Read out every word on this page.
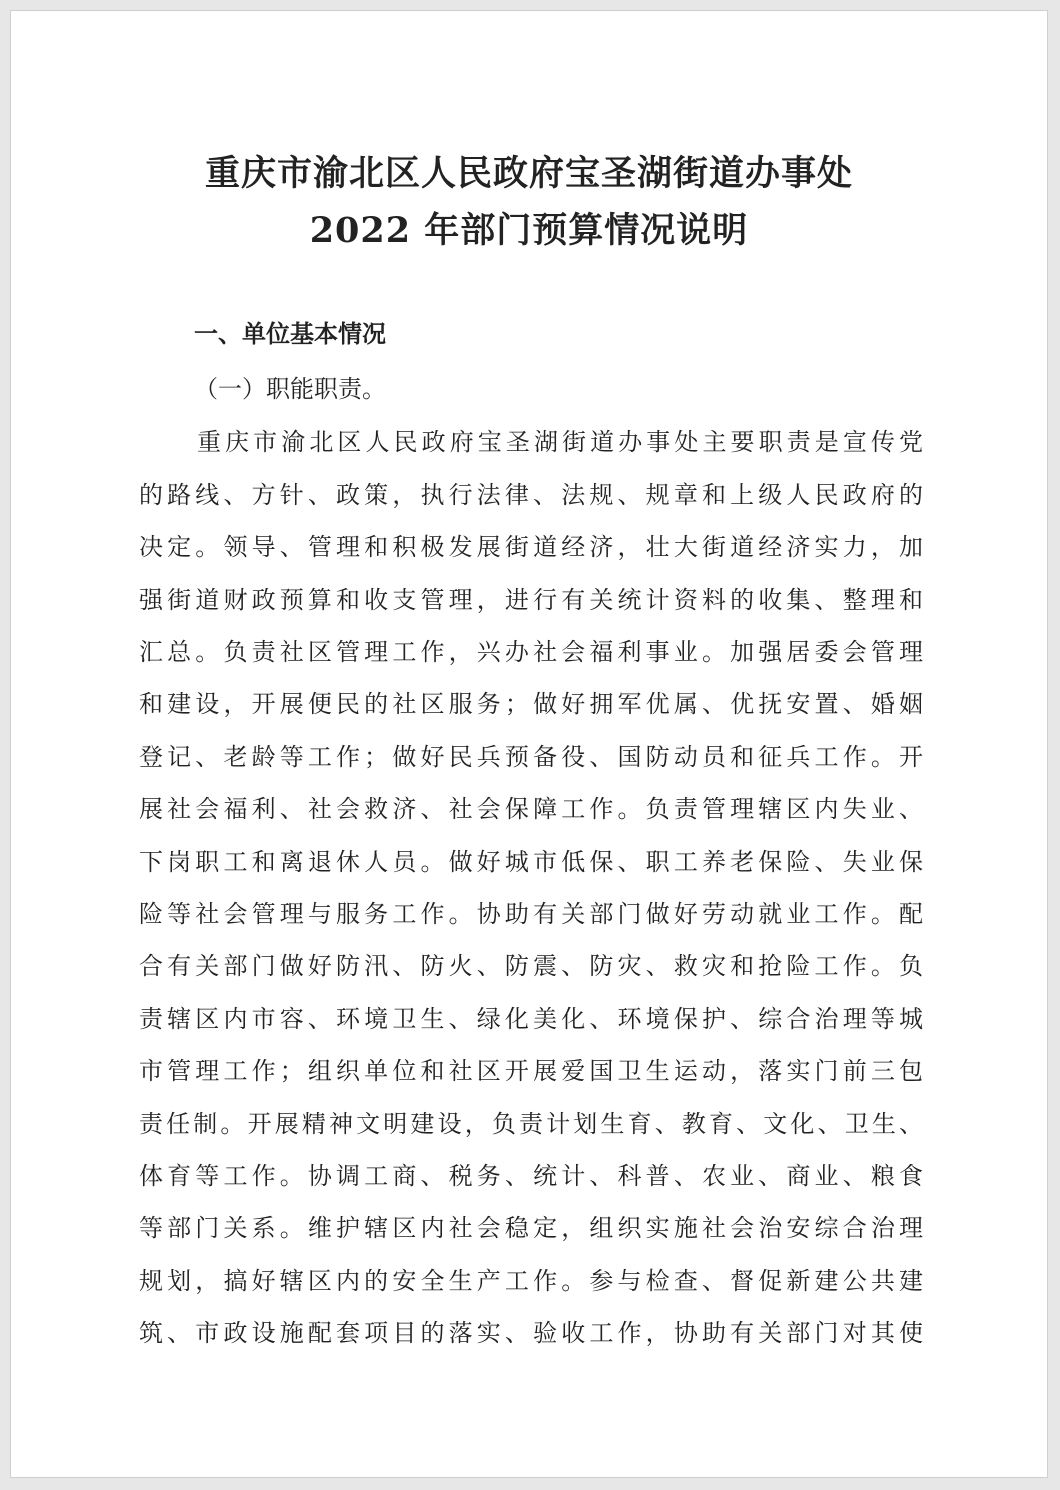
重庆市渝北区人民政府宝圣湖街道办事处
2022 年部门预算情况说明
一、单位基本情况
（一）职能职责。
重庆市渝北区人民政府宝圣湖街道办事处主要职责是宣传党
的路线、方针、政策，执行法律、法规、规章和上级人民政府的
决定。领导、管理和积极发展街道经济，壮大街道经济实力，加
强街道财政预算和收支管理，进行有关统计资料的收集、整理和
汇总。负责社区管理工作，兴办社会福利事业。加强居委会管理
和建设，开展便民的社区服务；做好拥军优属、优抚安置、婚姻
登记、老龄等工作；做好民兵预备役、国防动员和征兵工作。开
展社会福利、社会救济、社会保障工作。负责管理辖区内失业、
下岗职工和离退休人员。做好城市低保、职工养老保险、失业保
险等社会管理与服务工作。协助有关部门做好劳动就业工作。配
合有关部门做好防汛、防火、防震、防灾、救灾和抢险工作。负
责辖区内市容、环境卫生、绿化美化、环境保护、综合治理等城
市管理工作；组织单位和社区开展爱国卫生运动，落实门前三包
责任制。开展精神文明建设，负责计划生育、教育、文化、卫生、
体育等工作。协调工商、税务、统计、科普、农业、商业、粮食
等部门关系。维护辖区内社会稳定，组织实施社会治安综合治理
规划，搞好辖区内的安全生产工作。参与检查、督促新建公共建
筑、市政设施配套项目的落实、验收工作，协助有关部门对其使
